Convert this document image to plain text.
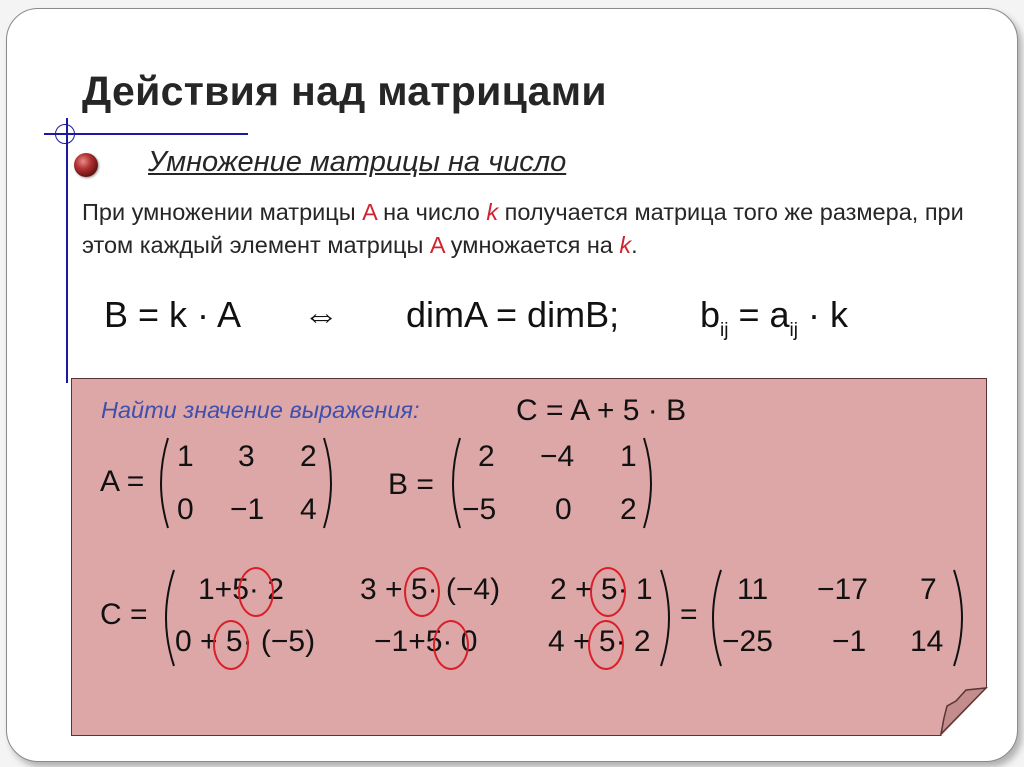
Действия над матрицами
Умножение матрицы на число
При умножении матрицы A на число k получается матрица того же размера, при этом каждый элемент матрицы A умножается на k.
B = k · A ⇔ dimA = dimB; $b_{ij} = a_{ij} \cdot k$
Найти значение выражения:	C = A + 5 · B
A =
1 3 2
0 −1 4
B =
2 −4 1
−5 0 2
C =
1+5· 2	3 + 5· (−4) 2 + 5· 1
0 + 5· (−5) −1+5· 0 4 + 5· 2
=
11 −17 7
−25 −1 14
